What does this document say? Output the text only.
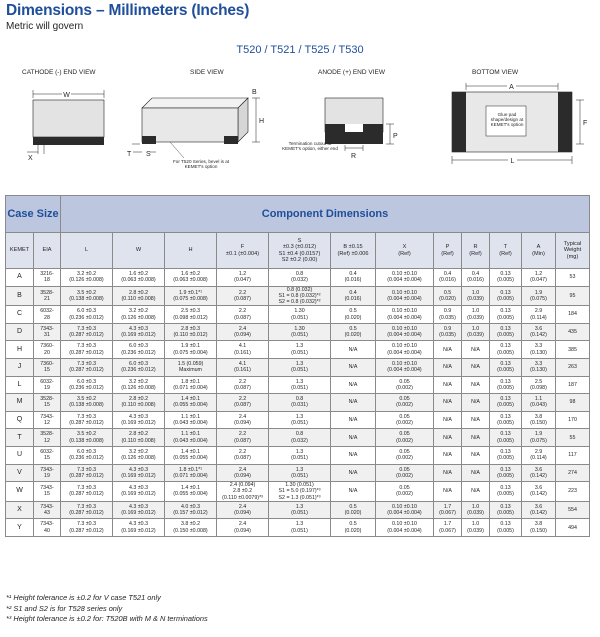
Dimensions – Millimeters (Inches)
Metric will govern
T520 / T521 / T525 / T530
CATHODE (-) END VIEW	SIDE VIEW	ANODE (+) END VIEW	BOTTOM VIEW
W
X
H
B
T S
P
R
A
F
L
For T520 Series, bevel is at KEMET's option
Termination cutout at KEMET's option, either end
Glue pad shape/design at KEMET's option
Case Size		Component Dimensions											
KEMET	EIA	L	W	H	F
±0.1 (±0.004)	S
±0.3 (±0.012)
S1 ±0.4 (0.0157)
S2 ±0.2 (0.00)	B ±0.15
(Ref) ±0.006	X
(Ref)	P
(Ref)	R
(Ref)	T
(Ref)	A
(Min)	Typical
Weight
(mg)
A	3216-
18	3.2 ±0.2
(0.126 ±0.008)	1.6 ±0.2
(0.063 ±0.008)	1.6 ±0.2
(0.063 ±0.008)	1.2
(0.047)	0.8
(0.032)	0.4
(0.016)	0.10 ±0.10
(0.004 ±0.004)	0.4
(0.016)	0.4
(0.016)	0.13
(0.005)	1.2
(0.047)	53
B	3528-
21	3.5 ±0.2
(0.138 ±0.008)	2.8 ±0.2
(0.110 ±0.008)	1.9 ±0.1*¹
(0.075 ±0.008)	2.2
(0.087)	0.8 (0.032)
S1 = 0.8 (0.032)*²
S2 = 0.8 (0.032)*²	0.4
(0.016)	0.10 ±0.10
(0.004 ±0.004)	0.5
(0.020)	1.0
(0.039)	0.13
(0.005)	1.9
(0.075)	95
C	6032-
28	6.0 ±0.3
(0.236 ±0.012)	3.2 ±0.2
(0.126 ±0.008)	2.5 ±0.3
(0.098 ±0.012)	2.2
(0.087)	1.30
(0.051)	0.5
(0.020)	0.10 ±0.10
(0.004 ±0.004)	0.9
(0.035)	1.0
(0.039)	0.13
(0.005)	2.9
(0.114)	184
D	7343-
31	7.3 ±0.3
(0.287 ±0.012)	4.3 ±0.3
(0.169 ±0.012)	2.8 ±0.3
(0.110 ±0.012)	2.4
(0.094)	1.30
(0.051)	0.5
(0.020)	0.10 ±0.10
(0.004 ±0.004)	0.9
(0.035)	1.0
(0.039)	0.13
(0.005)	3.6
(0.142)	435
H	7360-
20	7.3 ±0.3
(0.287 ±0.012)	6.0 ±0.3
(0.236 ±0.012)	1.9 ±0.1
(0.075 ±0.004)	4.1
(0.161)	1.3
(0.051)	N/A	0.10 ±0.10
(0.004 ±0.004)	N/A	N/A	0.13
(0.005)	3.3
(0.130)	385
J	7360-
15	7.3 ±0.3
(0.287 ±0.012)	6.0 ±0.3
(0.236 ±0.012)	1.5 (0.059)
Maximum	4.1
(0.161)	1.3
(0.051)	N/A	0.10 ±0.10
(0.004 ±0.004)	N/A	N/A	0.13
(0.005)	3.3
(0.130)	263
L	6032-
19	6.0 ±0.3
(0.236 ±0.012)	3.2 ±0.2
(0.126 ±0.008)	1.8 ±0.1
(0.071 ±0.004)	2.2
(0.087)	1.3
(0.051)	N/A	0.05
(0.002)	N/A	N/A	0.13
(0.005)	2.5
(0.098)	187
M	3528-
15	3.5 ±0.2
(0.138 ±0.008)	2.8 ±0.2
(0.110 ±0.008)	1.4 ±0.1
(0.055 ±0.004)	2.2
(0.087)	0.8
(0.031)	N/A	0.05
(0.002)	N/A	N/A	0.13
(0.005)	1.1
(0.043)	98
Q	7343-
12	7.3 ±0.3
(0.287 ±0.012)	4.3 ±0.3
(0.169 ±0.012)	1.1 ±0.1
(0.043 ±0.004)	2.4
(0.094)	1.3
(0.051)	N/A	0.05
(0.002)	N/A	N/A	0.13
(0.005)	3.8
(0.150)	170
T	3528-
12	3.5 ±0.2
(0.138 ±0.008)	2.8 ±0.2
(0.110 ±0.008)	1.1 ±0.1
(0.043 ±0.004)	2.2
(0.087)	0.8
(0.032)	N/A	0.05
(0.002)	N/A	N/A	0.13
(0.005)	1.9
(0.075)	55
U	6032-
15	6.0 ±0.3
(0.236 ±0.012)	3.2 ±0.2
(0.126 ±0.008)	1.4 ±0.1
(0.055 ±0.004)	2.2
(0.087)	1.3
(0.051)	N/A	0.05
(0.002)	N/A	N/A	0.13
(0.005)	2.9
(0.114)	117
V	7343-
19	7.3 ±0.3
(0.287 ±0.012)	4.3 ±0.3
(0.169 ±0.012)	1.8 ±0.1*¹
(0.071 ±0.004)	2.4
(0.094)	1.3
(0.051)	N/A	0.05
(0.002)	N/A	N/A	0.13
(0.005)	3.6
(0.142)	274
W	7343-
15	7.3 ±0.3
(0.287 ±0.012)	4.3 ±0.3
(0.169 ±0.012)	1.4 ±0.1
(0.055 ±0.004)	2.4 (0.094)
2.8 ±0.2
(0.110 ±0.0079)*³	1.30 (0.051)
S1 = 5.0 (0.197)*³
S2 = 1.3 (0.051)*³	N/A	0.05
(0.002)	N/A	N/A	0.13
(0.005)	3.6
(0.142)	223
X	7343-
43	7.3 ±0.3
(0.287 ±0.012)	4.3 ±0.3
(0.169 ±0.012)	4.0 ±0.3
(0.157 ±0.012)	2.4
(0.094)	1.3
(0.051)	0.5
(0.020)	0.10 ±0.10
(0.004 ±0.004)	1.7
(0.067)	1.0
(0.039)	0.13
(0.005)	3.6
(0.142)	554
Y	7343-
40	7.3 ±0.3
(0.287 ±0.012)	4.3 ±0.3
(0.169 ±0.012)	3.8 ±0.2
(0.150 ±0.008)	2.4
(0.094)	1.3
(0.051)	0.5
(0.020)	0.10 ±0.10
(0.004 ±0.004)	1.7
(0.067)	1.0
(0.039)	0.13
(0.005)	3.8
(0.150)	494
*¹ Height tolerance is ±0.2 for V case T521 only
*² S1 and S2 is for T528 series only
*³ Height tolerance is ±0.2 for: T520B with M & N terminations
